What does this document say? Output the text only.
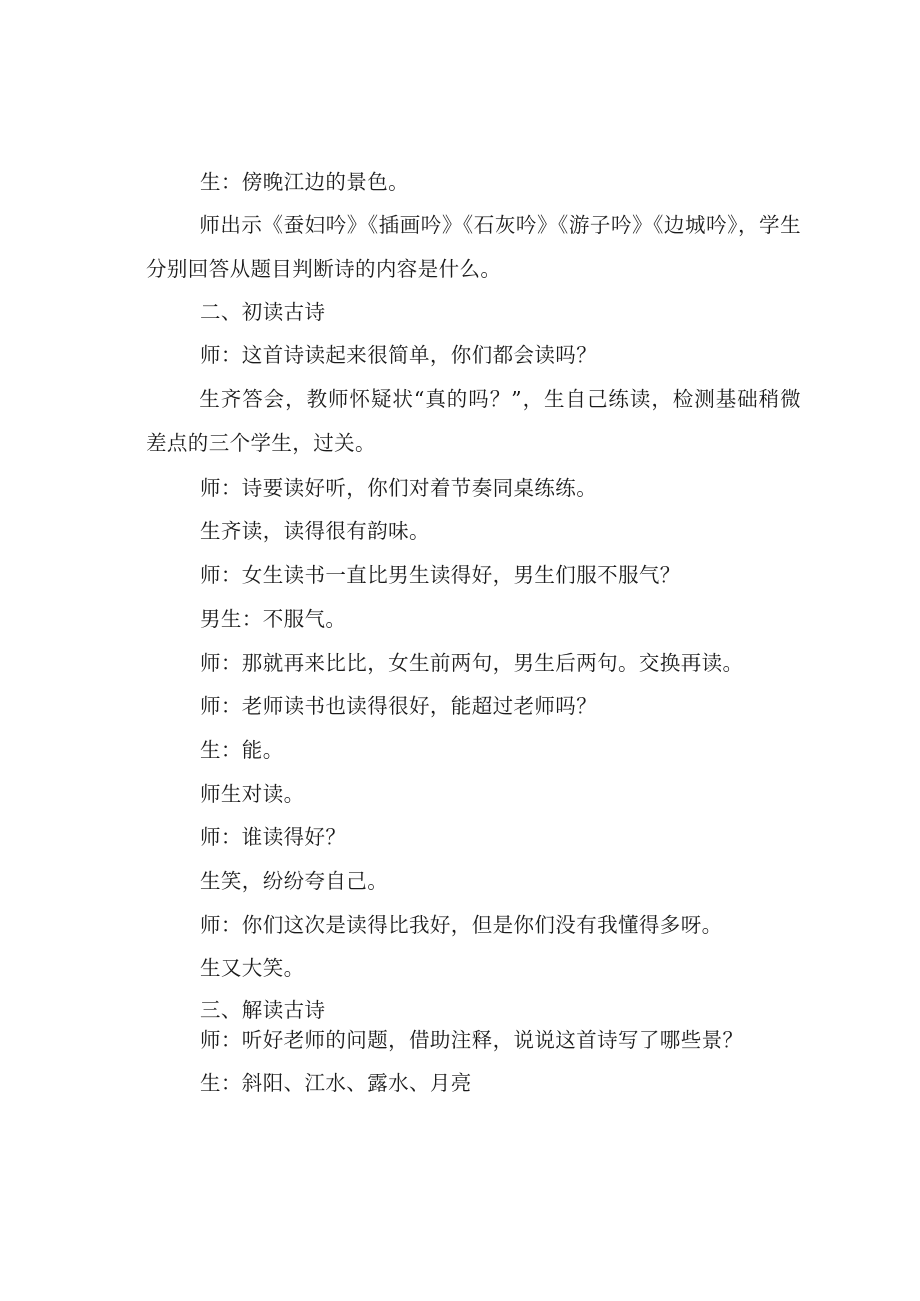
生：傍晚江边的景色。

师出示《蚕妇吟》《插画吟》《石灰吟》《游子吟》《边城吟》，学生分别回答从题目判断诗的内容是什么。

二、初读古诗

师：这首诗读起来很简单，你们都会读吗？

生齐答会，教师怀疑状“真的吗？”，生自己练读，检测基础稍微差点的三个学生，过关。

师：诗要读好听，你们对着节奏同桌练练。

生齐读，读得很有韵味。

师：女生读书一直比男生读得好，男生们服不服气？

男生：不服气。

师：那就再来比比，女生前两句，男生后两句。交换再读。

师：老师读书也读得很好，能超过老师吗？

生：能。

师生对读。

师：谁读得好？

生笑，纷纷夸自己。

师：你们这次是读得比我好，但是你们没有我懂得多呀。

生又大笑。

三、解读古诗

师：听好老师的问题，借助注释，说说这首诗写了哪些景？

生：斜阳、江水、露水、月亮
